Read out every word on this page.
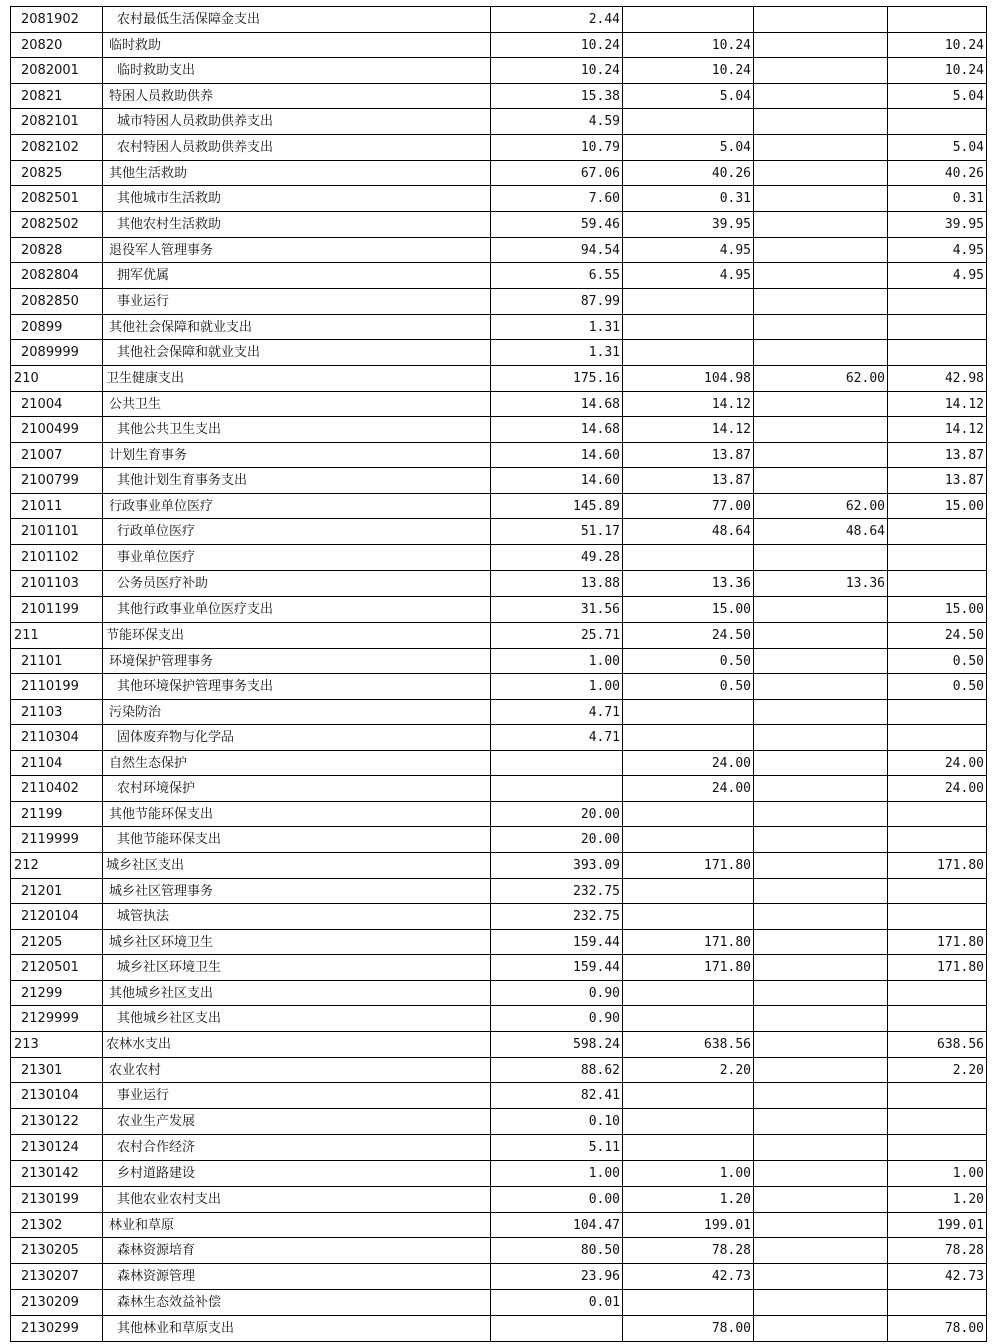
2081902	农村最低生活保障金支出	2.44			
20820	临时救助	10.24	10.24		10.24
2082001	临时救助支出	10.24	10.24		10.24
20821	特困人员救助供养	15.38	5.04		5.04
2082101	城市特困人员救助供养支出	4.59			
2082102	农村特困人员救助供养支出	10.79	5.04		5.04
20825	其他生活救助	67.06	40.26		40.26
2082501	其他城市生活救助	7.60	0.31		0.31
2082502	其他农村生活救助	59.46	39.95		39.95
20828	退役军人管理事务	94.54	4.95		4.95
2082804	拥军优属	6.55	4.95		4.95
2082850	事业运行	87.99			
20899	其他社会保障和就业支出	1.31			
2089999	其他社会保障和就业支出	1.31			
210	卫生健康支出	175.16	104.98	62.00	42.98
21004	公共卫生	14.68	14.12		14.12
2100499	其他公共卫生支出	14.68	14.12		14.12
21007	计划生育事务	14.60	13.87		13.87
2100799	其他计划生育事务支出	14.60	13.87		13.87
21011	行政事业单位医疗	145.89	77.00	62.00	15.00
2101101	行政单位医疗	51.17	48.64	48.64	
2101102	事业单位医疗	49.28			
2101103	公务员医疗补助	13.88	13.36	13.36	
2101199	其他行政事业单位医疗支出	31.56	15.00		15.00
211	节能环保支出	25.71	24.50		24.50
21101	环境保护管理事务	1.00	0.50		0.50
2110199	其他环境保护管理事务支出	1.00	0.50		0.50
21103	污染防治	4.71			
2110304	固体废弃物与化学品	4.71			
21104	自然生态保护		24.00		24.00
2110402	农村环境保护		24.00		24.00
21199	其他节能环保支出	20.00			
2119999	其他节能环保支出	20.00			
212	城乡社区支出	393.09	171.80		171.80
21201	城乡社区管理事务	232.75			
2120104	城管执法	232.75			
21205	城乡社区环境卫生	159.44	171.80		171.80
2120501	城乡社区环境卫生	159.44	171.80		171.80
21299	其他城乡社区支出	0.90			
2129999	其他城乡社区支出	0.90			
213	农林水支出	598.24	638.56		638.56
21301	农业农村	88.62	2.20		2.20
2130104	事业运行	82.41			
2130122	农业生产发展	0.10			
2130124	农村合作经济	5.11			
2130142	乡村道路建设	1.00	1.00		1.00
2130199	其他农业农村支出	0.00	1.20		1.20
21302	林业和草原	104.47	199.01		199.01
2130205	森林资源培育	80.50	78.28		78.28
2130207	森林资源管理	23.96	42.73		42.73
2130209	森林生态效益补偿	0.01			
2130299	其他林业和草原支出		78.00		78.00
